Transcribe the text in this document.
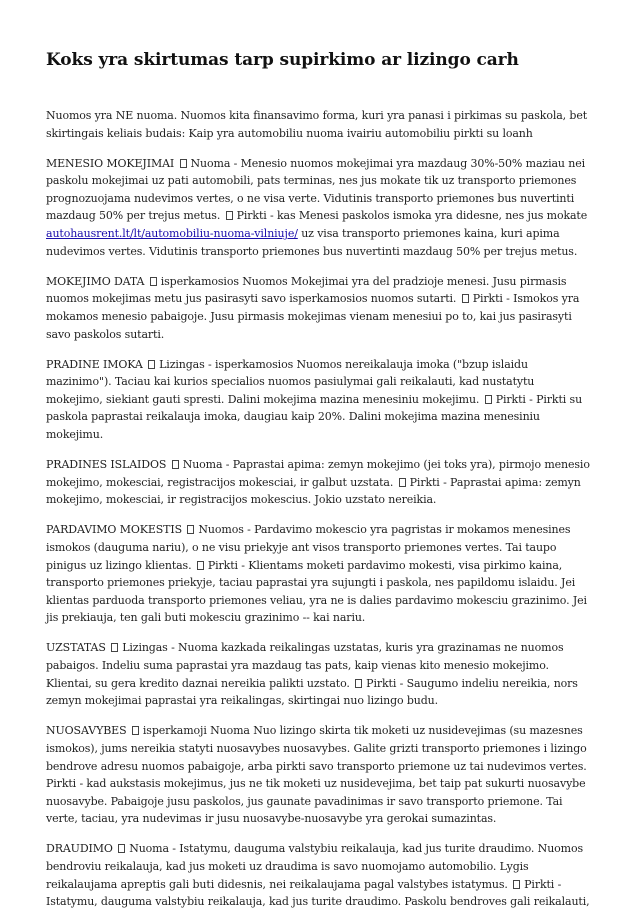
Koks yra skirtumas tarp supirkimo ar lizingo carh

Nuomos yra NE nuoma. Nuomos kita finansavimo forma, kuri yra panasi i pirkimas su paskola, bet skirtingais keliais budais: Kaip yra automobiliu nuoma ivairiu automobiliu pirkti su loanh

MENESIO MOKEJIMAI Nuoma - Menesio nuomos mokejimai yra mazdaug 30%-50% maziau nei paskolu mokejimai uz pati automobili, pats terminas, nes jus mokate tik uz transporto priemones prognozuojama nudevimos vertes, o ne visa verte. Vidutinis transporto priemones bus nuvertinti mazdaug 50% per trejus metus. Pirkti - kas Menesi paskolos ismoka yra didesne, nes jus mokate autohausrent.lt/lt/automobiliu-nuoma-vilniuje/ uz visa transporto priemones kaina, kuri apima nudevimos vertes. Vidutinis transporto priemones bus nuvertinti mazdaug 50% per trejus metus.

MOKEJIMO DATA isperkamosios Nuomos Mokejimai yra del pradzioje menesi. Jusu pirmasis nuomos mokejimas metu jus pasirasyti savo isperkamosios nuomos sutarti. Pirkti - Ismokos yra mokamos menesio pabaigoje. Jusu pirmasis mokejimas vienam menesiui po to, kai jus pasirasyti savo paskolos sutarti.

PRADINE IMOKA Lizingas - isperkamosios Nuomos nereikalauja imoka ("bzup islaidu mazinimo"). Taciau kai kurios specialios nuomos pasiulymai gali reikalauti, kad nustatytu mokejimo, siekiant gauti spresti. Dalini mokejima mazina menesiniu mokejimu. Pirkti - Pirkti su paskola paprastai reikalauja imoka, daugiau kaip 20%. Dalini mokejima mazina menesiniu mokejimu.

PRADINES ISLAIDOS Nuoma - Paprastai apima: zemyn mokejimo (jei toks yra), pirmojo menesio mokejimo, mokesciai, registracijos mokesciai, ir galbut uzstata. Pirkti - Paprastai apima: zemyn mokejimo, mokesciai, ir registracijos mokescius. Jokio uzstato nereikia.

PARDAVIMO MOKESTIS Nuomos - Pardavimo mokescio yra pagristas ir mokamos menesines ismokos (dauguma nariu), o ne visu priekyje ant visos transporto priemones vertes. Tai taupo pinigus uz lizingo klientas. Pirkti - Klientams moketi pardavimo mokesti, visa pirkimo kaina, transporto priemones priekyje, taciau paprastai yra sujungti i paskola, nes papildomu islaidu. Jei klientas parduoda transporto priemones veliau, yra ne is dalies pardavimo mokesciu grazinimo. Jei jis prekiauja, ten gali buti mokesciu grazinimo -- kai nariu.

UZSTATAS Lizingas - Nuoma kazkada reikalingas uzstatas, kuris yra grazinamas ne nuomos pabaigos. Indeliu suma paprastai yra mazdaug tas pats, kaip vienas kito menesio mokejimo. Klientai, su gera kredito daznai nereikia palikti uzstato. Pirkti - Saugumo indeliu nereikia, nors zemyn mokejimai paprastai yra reikalingas, skirtingai nuo lizingo budu.

NUOSAVYBES isperkamoji Nuoma Nuo lizingo skirta tik moketi uz nusidevejimas (su mazesnes ismokos), jums nereikia statyti nuosavybes nuosavybes. Galite grizti transporto priemones i lizingo bendrove adresu nuomos pabaigoje, arba pirkti savo transporto priemone uz tai nudevimos vertes. Pirkti - kad aukstasis mokejimus, jus ne tik moketi uz nusidevejima, bet taip pat sukurti nuosavybe nuosavybe. Pabaigoje jusu paskolos, jus gaunate pavadinimas ir savo transporto priemone. Tai verte, taciau, yra nudevimas ir jusu nuosavybe-nuosavybe yra gerokai sumazintas.

DRAUDIMO Nuoma - Istatymu, dauguma valstybiu reikalauja, kad jus turite draudimo. Nuomos bendroviu reikalauja, kad jus moketi uz draudima is savo nuomojamo automobilio. Lygis reikalaujama apreptis gali buti didesnis, nei reikalaujama pagal valstybes istatymus. Pirkti - Istatymu, dauguma valstybiu reikalauja, kad jus turite draudimo. Paskolu bendroves gali reikalauti,
